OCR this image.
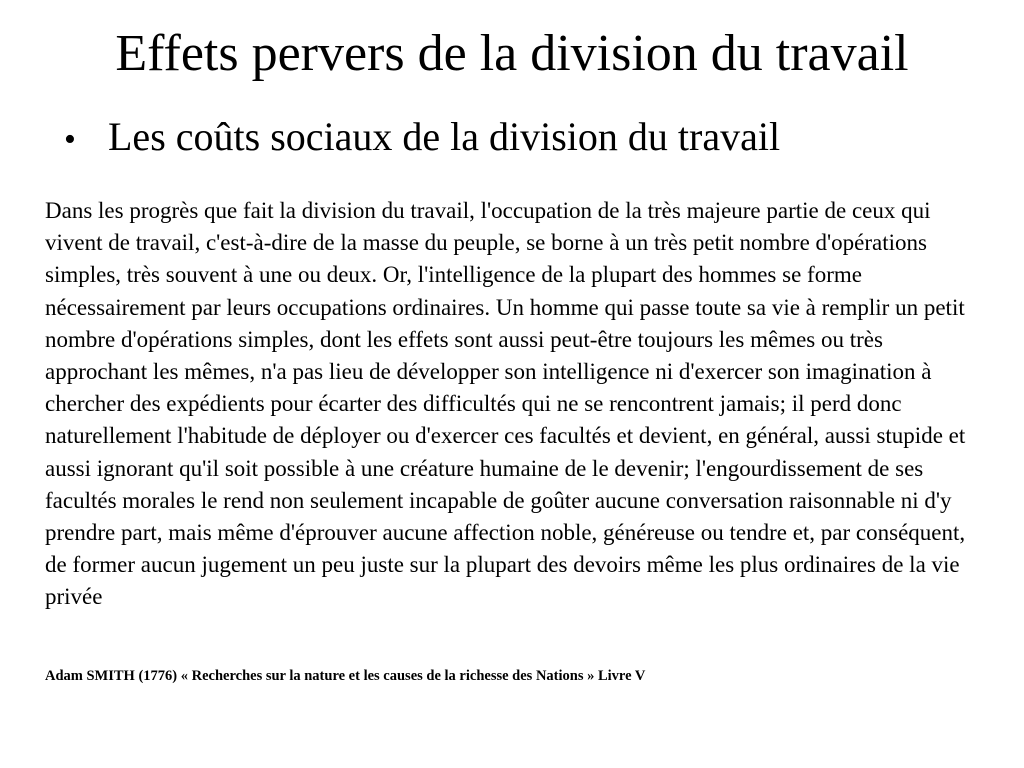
Effets pervers de la division du travail
• Les coûts sociaux de la division du travail

Dans les progrès que fait la division du travail, l'occupation de la très majeure partie de ceux qui vivent de travail, c'est-à-dire de la masse du peuple, se borne à un très petit nombre d'opérations simples, très souvent à une ou deux. Or, l'intelligence de la plupart des hommes se forme nécessairement par leurs occupations ordinaires. Un homme qui passe toute sa vie à remplir un petit nombre d'opérations simples, dont les effets sont aussi peut-être toujours les mêmes ou très approchant les mêmes, n'a pas lieu de développer son intelligence ni d'exercer son imagination à chercher des expédients pour écarter des difficultés qui ne se rencontrent jamais; il perd donc naturellement l'habitude de déployer ou d'exercer ces facultés et devient, en général, aussi stupide et aussi ignorant qu'il soit possible à une créature humaine de le devenir; l'engourdissement de ses facultés morales le rend non seulement incapable de goûter aucune conversation raisonnable ni d'y prendre part, mais même d'éprouver aucune affection noble, généreuse ou tendre et, par conséquent, de former aucun jugement un peu juste sur la plupart des devoirs même les plus ordinaires de la vie privée

Adam SMITH (1776) « Recherches sur la nature et les causes de la richesse des Nations » Livre V
